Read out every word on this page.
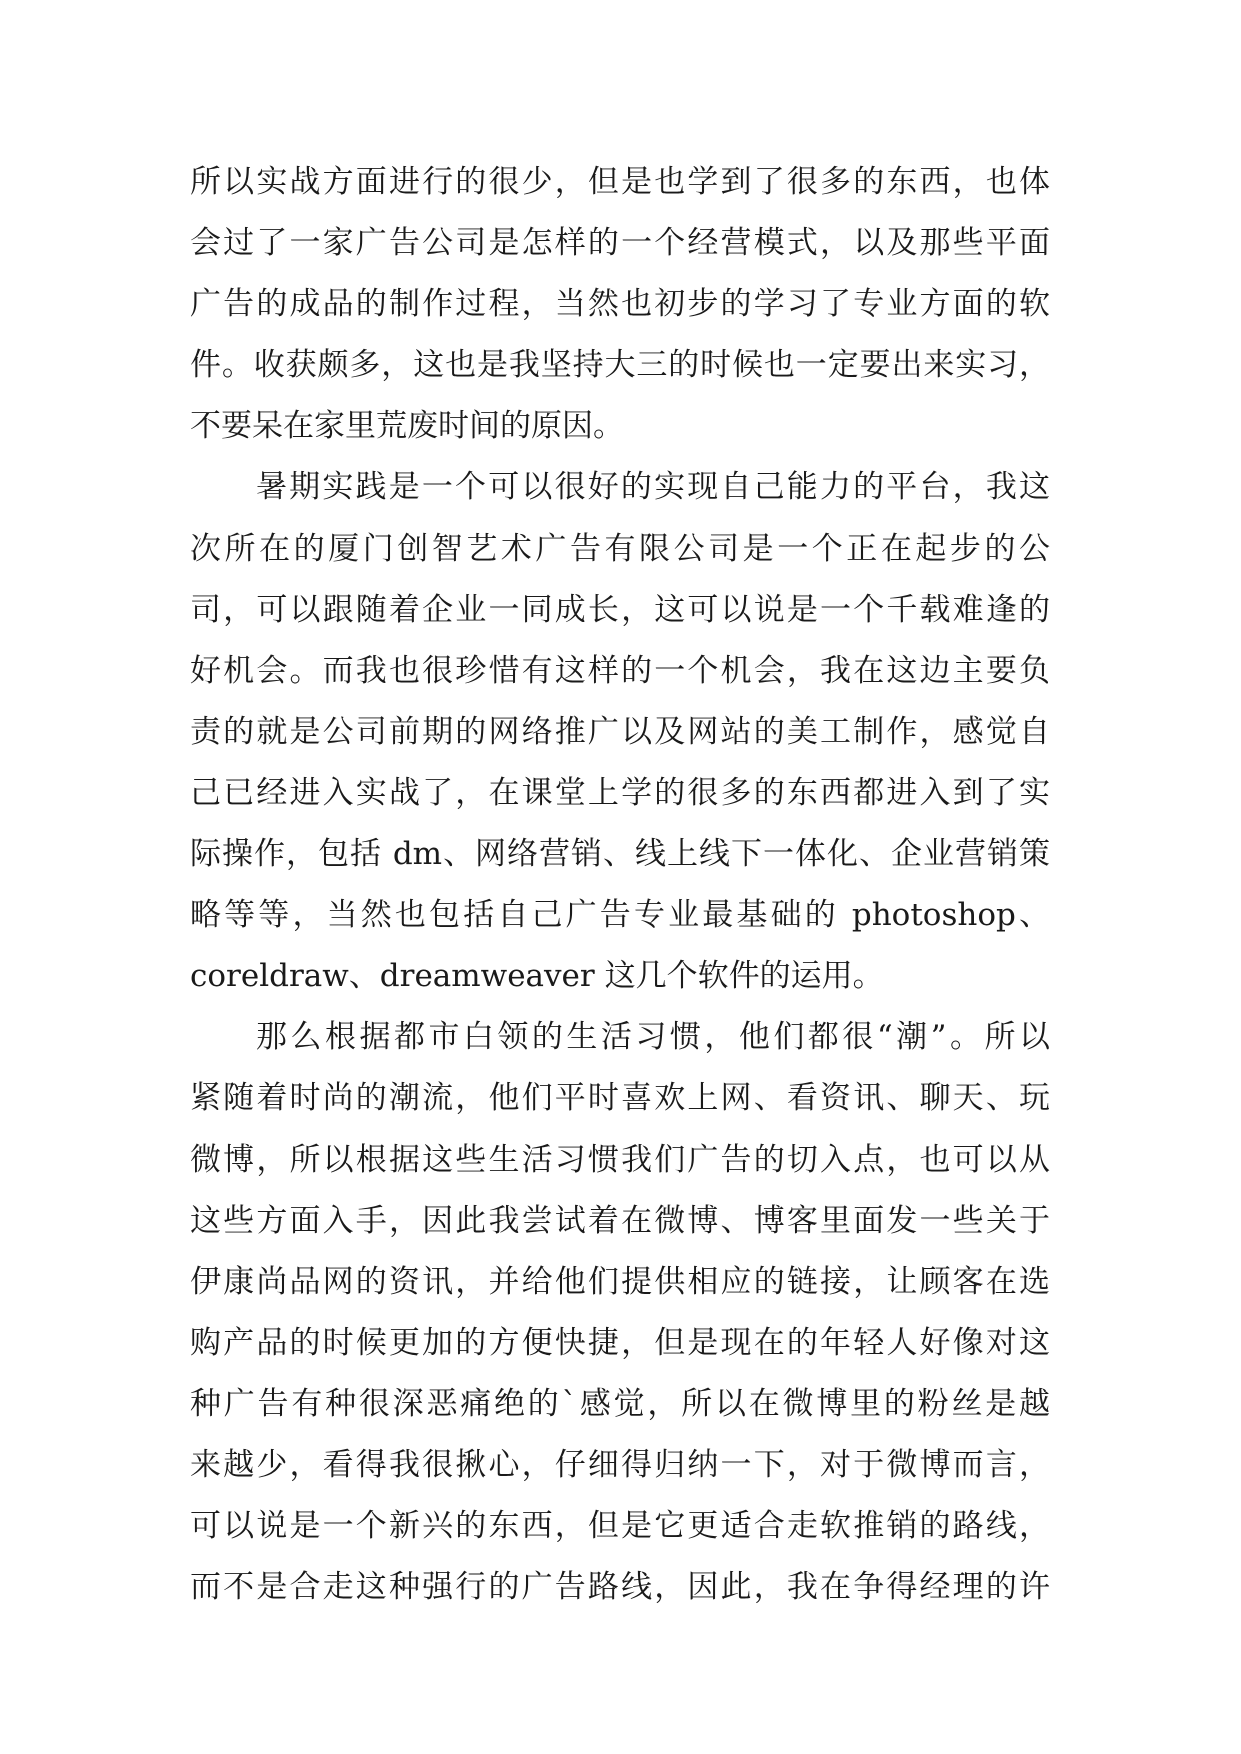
所以实战方面进行的很少，但是也学到了很多的东西，也体
会过了一家广告公司是怎样的一个经营模式，以及那些平面
广告的成品的制作过程，当然也初步的学习了专业方面的软
件。收获颇多，这也是我坚持大三的时候也一定要出来实习，
不要呆在家里荒废时间的原因。
暑期实践是一个可以很好的实现自己能力的平台，我这
次所在的厦门创智艺术广告有限公司是一个正在起步的公
司，可以跟随着企业一同成长，这可以说是一个千载难逢的
好机会。而我也很珍惜有这样的一个机会，我在这边主要负
责的就是公司前期的网络推广以及网站的美工制作，感觉自
己已经进入实战了，在课堂上学的很多的东西都进入到了实
际操作，包括 dm、网络营销、线上线下一体化、企业营销策
略等等，当然也包括自己广告专业最基础的 photoshop、
coreldraw、dreamweaver 这几个软件的运用。
那么根据都市白领的生活习惯，他们都很“潮”。所以
紧随着时尚的潮流，他们平时喜欢上网、看资讯、聊天、玩
微博，所以根据这些生活习惯我们广告的切入点，也可以从
这些方面入手，因此我尝试着在微博、博客里面发一些关于
伊康尚品网的资讯，并给他们提供相应的链接，让顾客在选
购产品的时候更加的方便快捷，但是现在的年轻人好像对这
种广告有种很深恶痛绝的`感觉，所以在微博里的粉丝是越
来越少，看得我很揪心，仔细得归纳一下，对于微博而言，
可以说是一个新兴的东西，但是它更适合走软推销的路线，
而不是合走这种强行的广告路线，因此，我在争得经理的许
